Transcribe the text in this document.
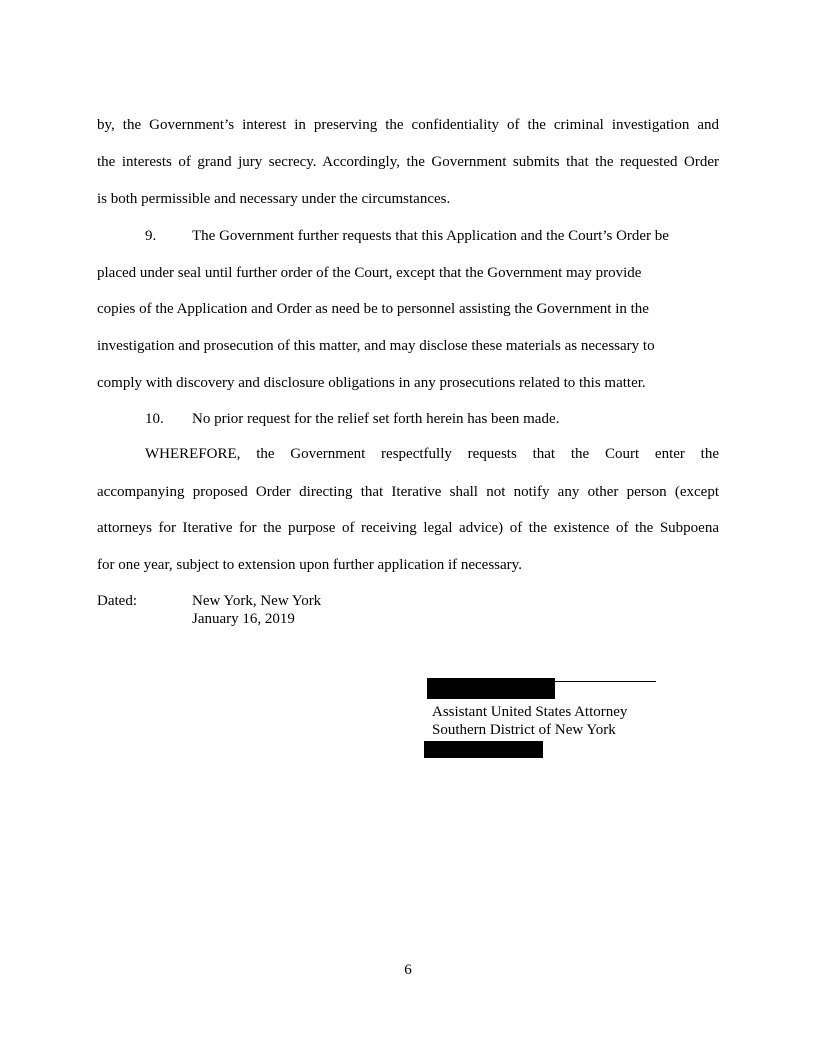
by, the Government’s interest in preserving the confidentiality of the criminal investigation and
the interests of grand jury secrecy. Accordingly, the Government submits that the requested Order
is both permissible and necessary under the circumstances.
9. The Government further requests that this Application and the Court’s Order be
placed under seal until further order of the Court, except that the Government may provide
copies of the Application and Order as need be to personnel assisting the Government in the
investigation and prosecution of this matter, and may disclose these materials as necessary to
comply with discovery and disclosure obligations in any prosecutions related to this matter.
10. No prior request for the relief set forth herein has been made.
WHEREFORE, the Government respectfully requests that the Court enter the
accompanying proposed Order directing that Iterative shall not notify any other person (except
attorneys for Iterative for the purpose of receiving legal advice) of the existence of the Subpoena
for one year, subject to extension upon further application if necessary.
Dated:	New York, New York
January 16, 2019
Assistant United States Attorney
Southern District of New York
6
